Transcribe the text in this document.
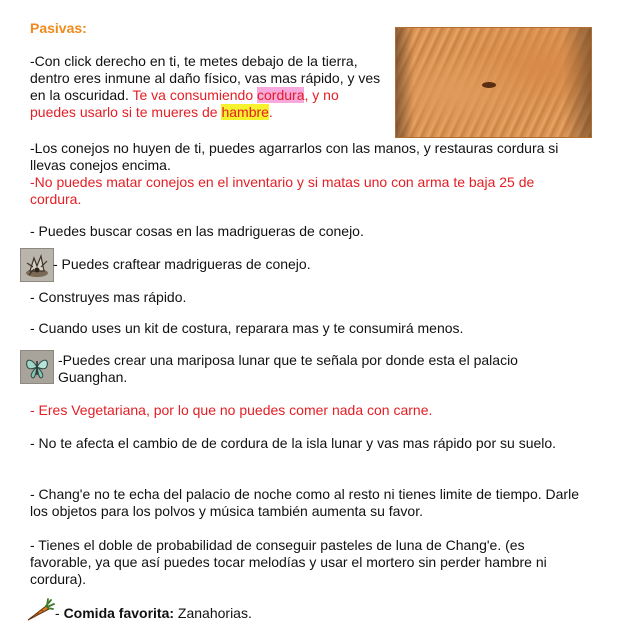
Pasivas:
-Con click derecho en ti, te metes debajo de la tierra, dentro eres inmune al daño físico, vas mas rápido, y ves en la oscuridad. Te va consumiendo cordura, y no puedes usarlo si te mueres de hambre.
-Los conejos no huyen de ti, puedes agarrarlos con las manos, y restauras cordura si llevas conejos encima.
-No puedes matar conejos en el inventario y si matas uno con arma te baja 25 de cordura.
- Puedes buscar cosas en las madrigueras de conejo.
- Puedes craftear madrigueras de conejo.
- Construyes mas rápido.
- Cuando uses un kit de costura, reparara mas y te consumirá menos.
-Puedes crear una mariposa lunar que te señala por donde esta el palacio Guanghan.
- Eres Vegetariana, por lo que no puedes comer nada con carne.
- No te afecta el cambio de de cordura de la isla lunar y vas mas rápido por su suelo.
- Chang'e no te echa del palacio de noche como al resto ni tienes limite de tiempo. Darle los objetos para los polvos y música también aumenta su favor.
- Tienes el doble de probabilidad de conseguir pasteles de luna de Chang'e. (es favorable, ya que así puedes tocar melodías y usar el mortero sin perder hambre ni cordura).
- Comida favorita: Zanahorias.
